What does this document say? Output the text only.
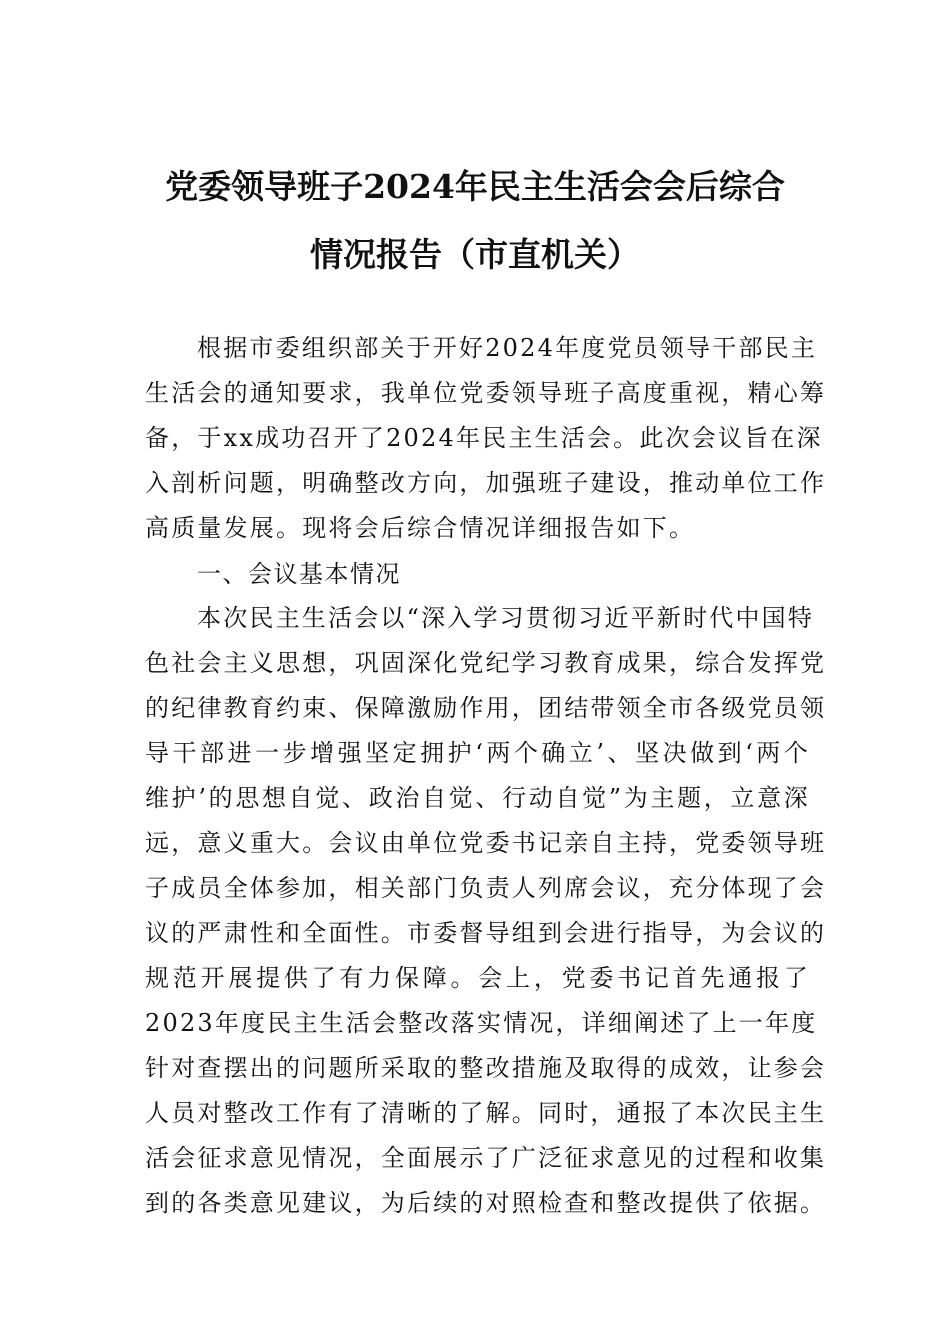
党委领导班子2024年民主生活会会后综合
情况报告（市直机关）
根据市委组织部关于开好2024年度党员领导干部民主
生活会的通知要求，我单位党委领导班子高度重视，精心筹
备，于xx成功召开了2024年民主生活会。此次会议旨在深
入剖析问题，明确整改方向，加强班子建设，推动单位工作
高质量发展。现将会后综合情况详细报告如下。
一、会议基本情况
本次民主生活会以“深入学习贯彻习近平新时代中国特
色社会主义思想，巩固深化党纪学习教育成果，综合发挥党
的纪律教育约束、保障激励作用，团结带领全市各级党员领
导干部进一步增强坚定拥护‘两个确立’、坚决做到‘两个
维护’的思想自觉、政治自觉、行动自觉”为主题，立意深
远，意义重大。会议由单位党委书记亲自主持，党委领导班
子成员全体参加，相关部门负责人列席会议，充分体现了会
议的严肃性和全面性。市委督导组到会进行指导，为会议的
规范开展提供了有力保障。会上，党委书记首先通报了
2023年度民主生活会整改落实情况，详细阐述了上一年度
针对查摆出的问题所采取的整改措施及取得的成效，让参会
人员对整改工作有了清晰的了解。同时，通报了本次民主生
活会征求意见情况，全面展示了广泛征求意见的过程和收集
到的各类意见建议，为后续的对照检查和整改提供了依据。
